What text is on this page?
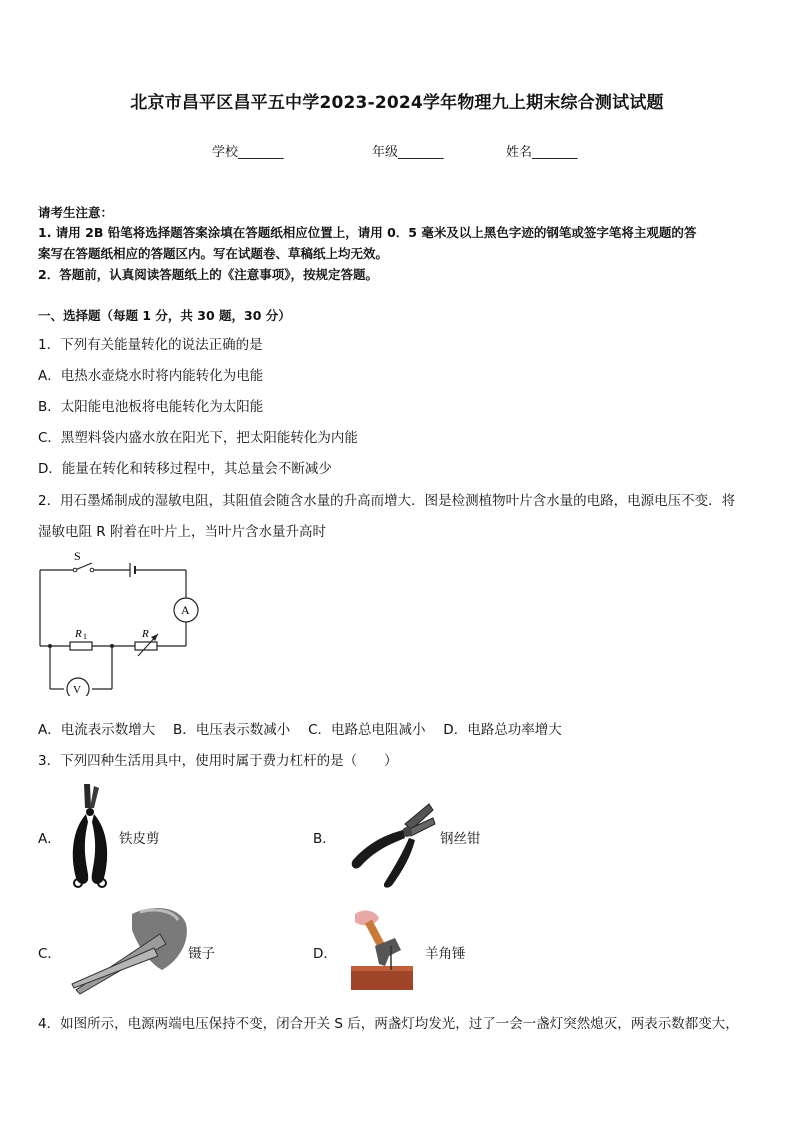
北京市昌平区昌平五中学2023-2024学年物理九上期末综合测试试题
学校_______	年级_______	姓名_______
请考生注意：
1. 请用 2B 铅笔将选择题答案涂填在答题纸相应位置上，请用 0．5 毫米及以上黑色字迹的钢笔或签字笔将主观题的答
案写在答题纸相应的答题区内。写在试题卷、草稿纸上均无效。
2．答题前，认真阅读答题纸上的《注意事项》，按规定答题。
一、选择题（每题 1 分，共 30 题，30 分）
1．下列有关能量转化的说法正确的是
A．电热水壶烧水时将内能转化为电能
B．太阳能电池板将电能转化为太阳能
C．黑塑料袋内盛水放在阳光下，把太阳能转化为内能
D．能量在转化和转移过程中，其总量会不断减少
2．用石墨烯制成的湿敏电阻，其阻值会随含水量的升高而增大．图是检测植物叶片含水量的电路，电源电压不变．将
湿敏电阻 R 附着在叶片上，当叶片含水量升高时
S
A
V
R 1	R
A．电流表示数增大　 B．电压表示数减小　 C．电路总电阻减小　 D．电路总功率增大
3．下列四种生活用具中，使用时属于费力杠杆的是（　　）
A．	铁皮剪	B．	钢丝钳
C．	镊子	D．	羊角锤
4．如图所示，电源两端电压保持不变，闭合开关 S 后，两盏灯均发光，过了一会一盏灯突然熄灭，两表示数都变大，
